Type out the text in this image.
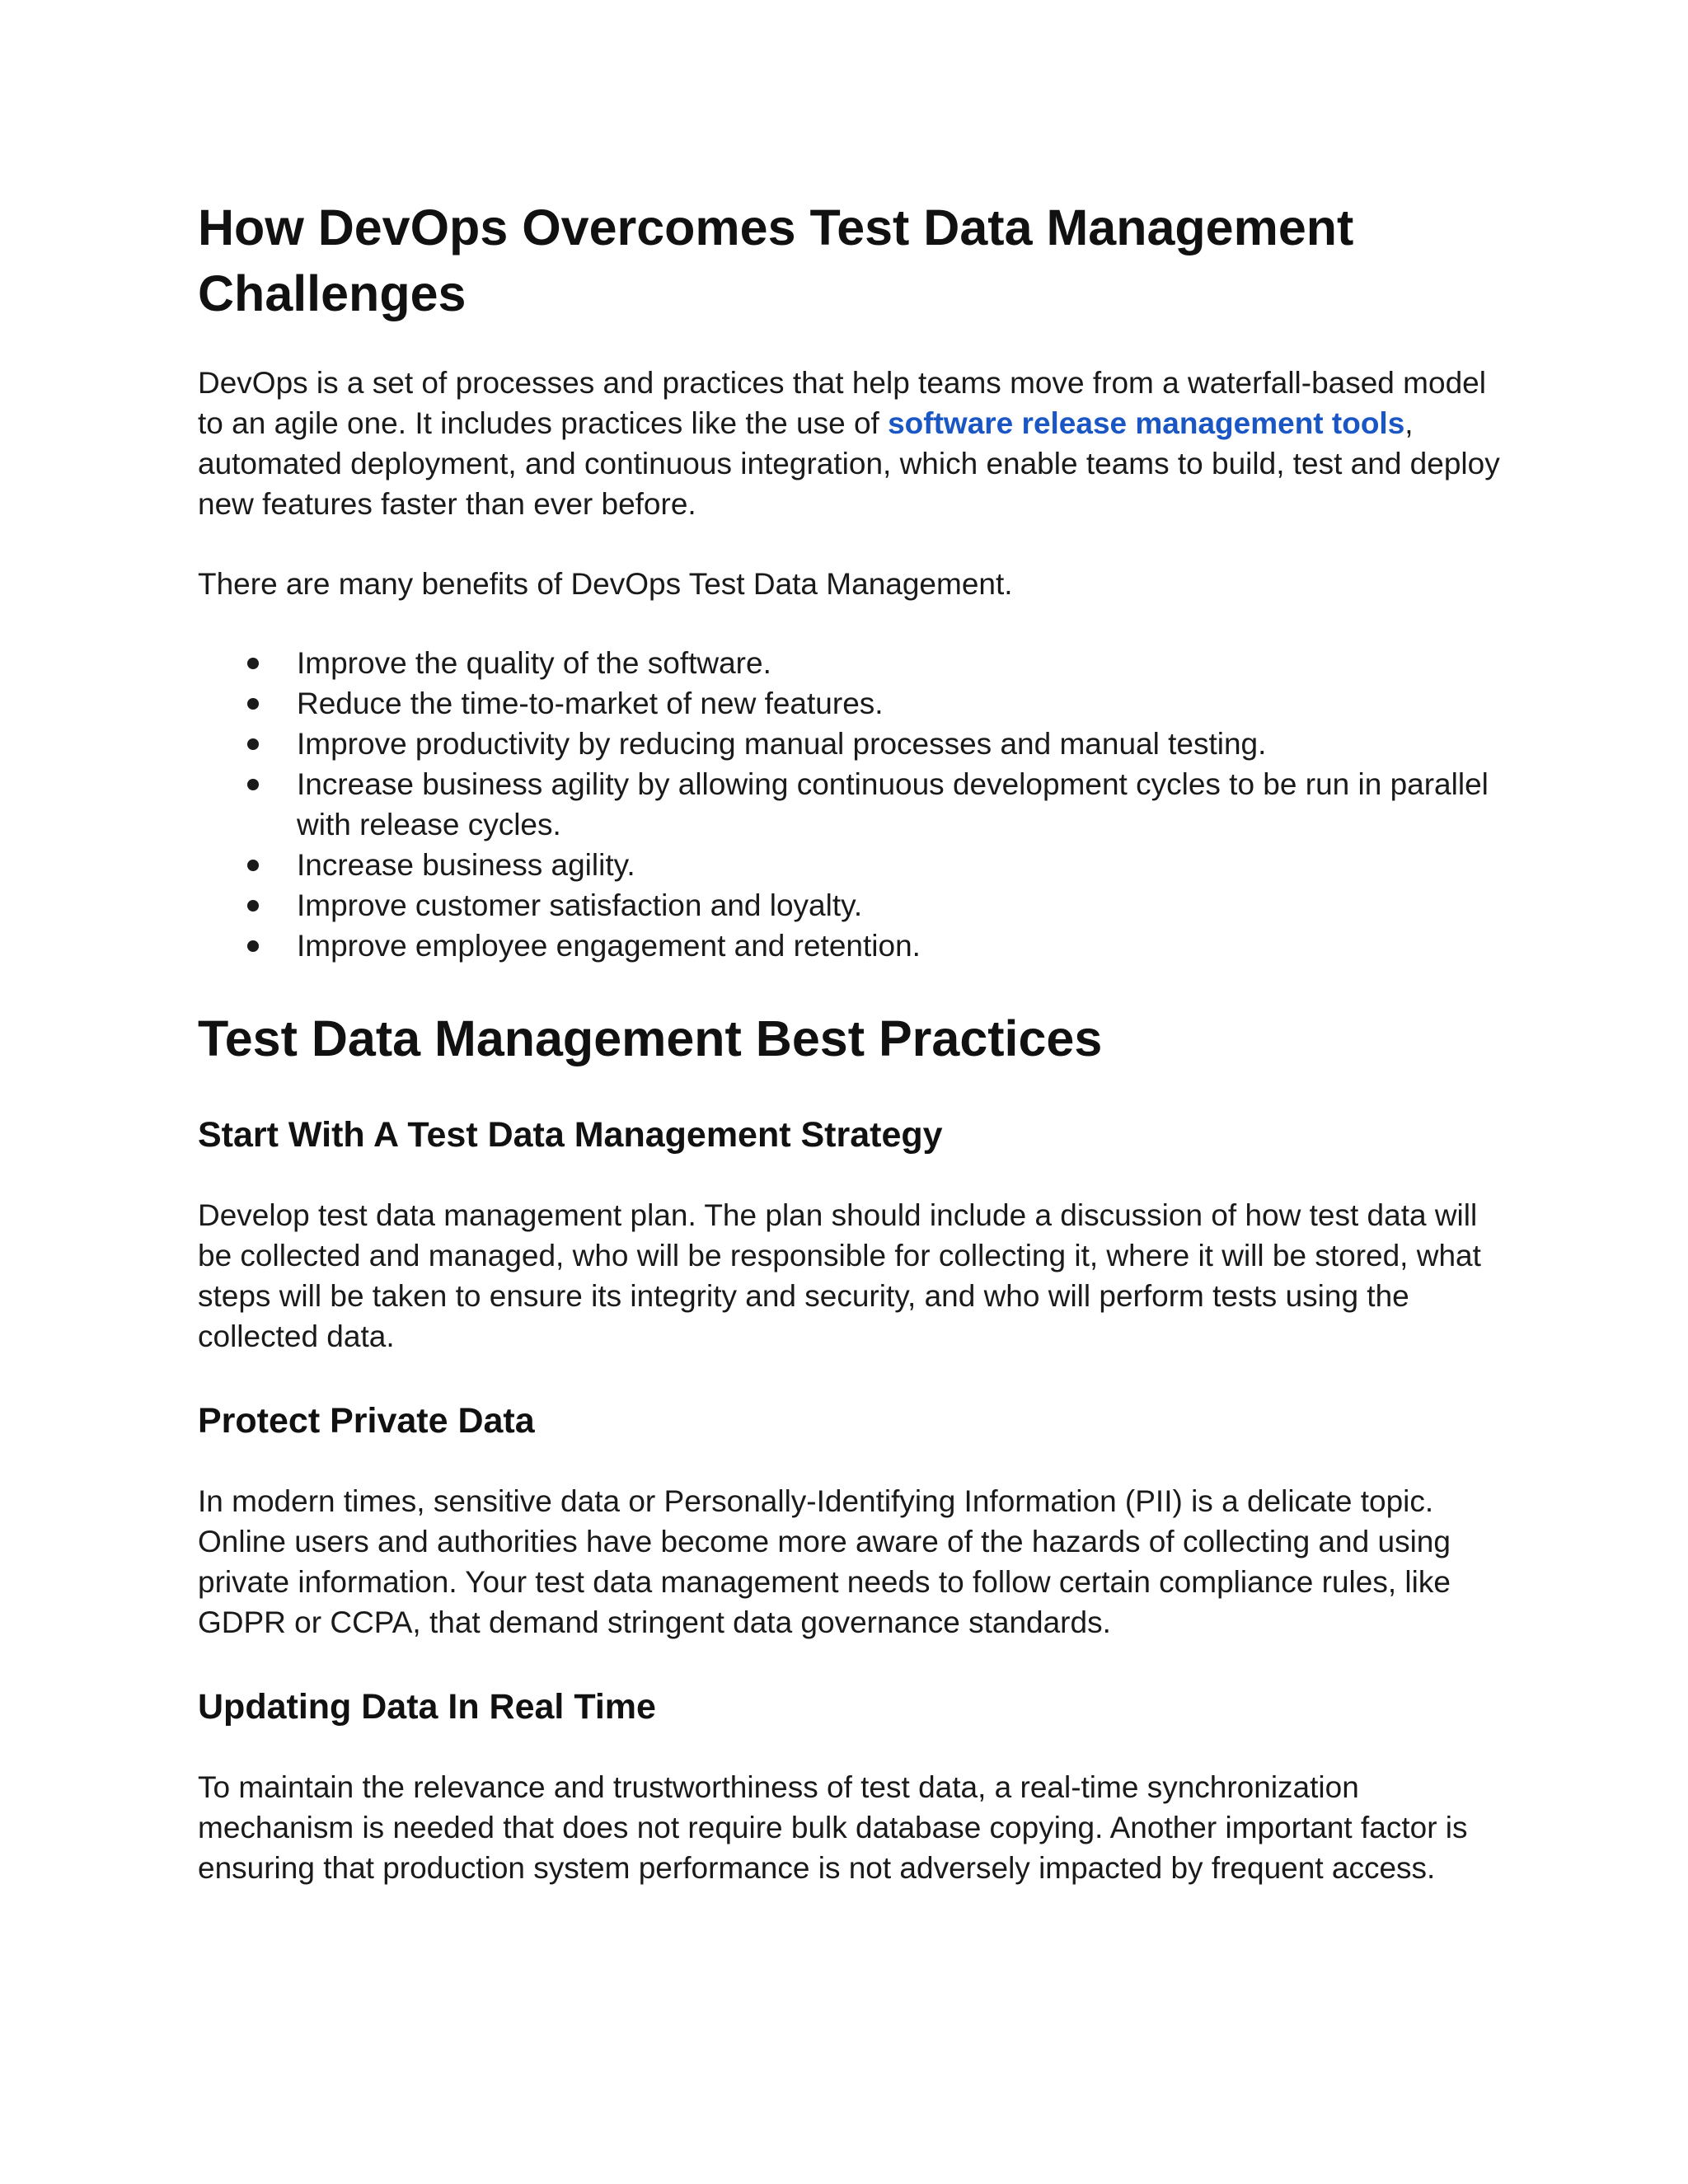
How DevOps Overcomes Test Data Management Challenges

DevOps is a set of processes and practices that help teams move from a waterfall-based model to an agile one. It includes practices like the use of software release management tools, automated deployment, and continuous integration, which enable teams to build, test and deploy new features faster than ever before.

There are many benefits of DevOps Test Data Management.

Improve the quality of the software.
Reduce the time-to-market of new features.
Improve productivity by reducing manual processes and manual testing.
Increase business agility by allowing continuous development cycles to be run in parallel with release cycles.
Increase business agility.
Improve customer satisfaction and loyalty.
Improve employee engagement and retention.
Test Data Management Best Practices
Start With A Test Data Management Strategy

Develop test data management plan. The plan should include a discussion of how test data will be collected and managed, who will be responsible for collecting it, where it will be stored, what steps will be taken to ensure its integrity and security, and who will perform tests using the collected data.

Protect Private Data

In modern times, sensitive data or Personally-Identifying Information (PII) is a delicate topic. Online users and authorities have become more aware of the hazards of collecting and using private information. Your test data management needs to follow certain compliance rules, like GDPR or CCPA, that demand stringent data governance standards.

Updating Data In Real Time

To maintain the relevance and trustworthiness of test data, a real-time synchronization mechanism is needed that does not require bulk database copying. Another important factor is ensuring that production system performance is not adversely impacted by frequent access.
